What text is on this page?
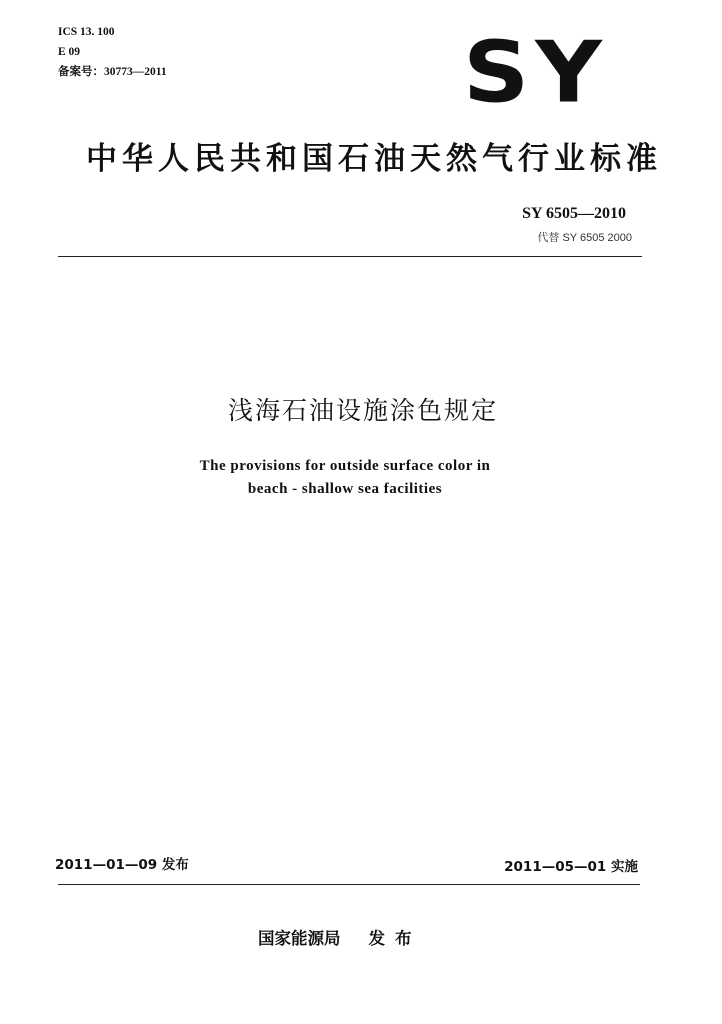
ICS 13. 100
E 09
备案号：30773—2011	SY
中华人民共和国石油天然气行业标准
SY 6505—2010
代替 SY 6505 2000
浅海石油设施涂色规定
The provisions for outside surface color in
beach - shallow sea facilities
2011—01—09 发布	2011—05—01 实施
国家能源局 发布
